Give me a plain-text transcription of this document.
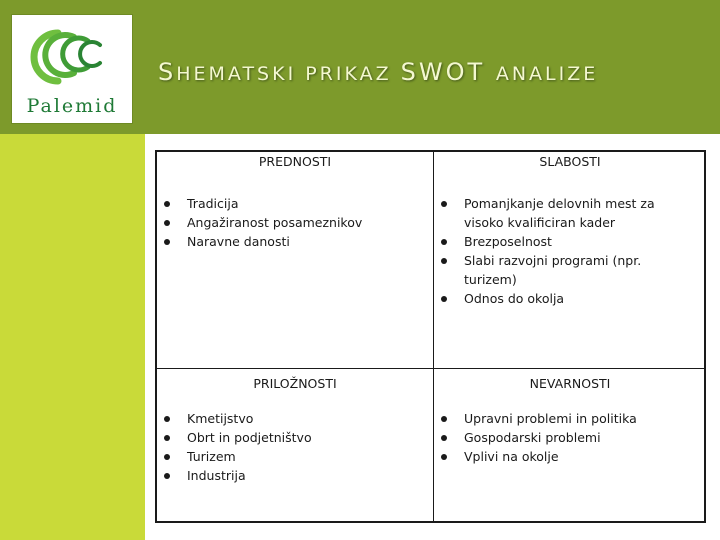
Palemid
SHEMATSKI PRIKAZ SWOT ANALIZE
PREDNOSTI
Tradicija
Angažiranost posameznikov
Naravne danosti
SLABOSTI
Pomanjkanje delovnih mest za visoko kvalificiran kader
Brezposelnost
Slabi razvojni programi (npr. turizem)
Odnos do okolja
PRILOŽNOSTI
Kmetijstvo
Obrt in podjetništvo
Turizem
Industrija
NEVARNOSTI
Upravni problemi in politika
Gospodarski problemi
Vplivi na okolje
